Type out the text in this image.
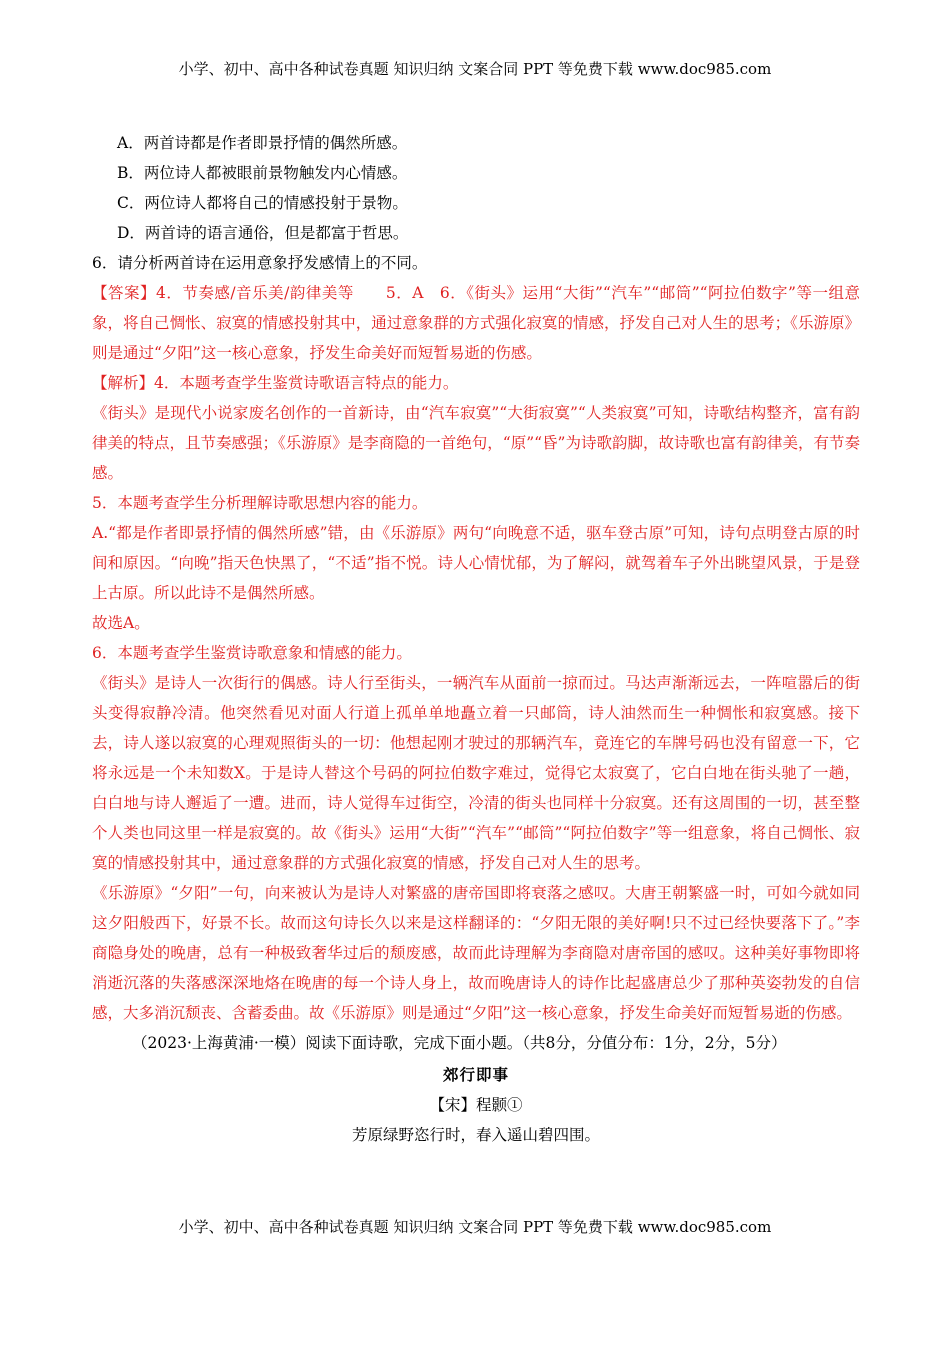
小学、初中、高中各种试卷真题 知识归纳 文案合同 PPT 等免费下载 www.doc985.com
A．两首诗都是作者即景抒情的偶然所感。
B．两位诗人都被眼前景物触发内心情感。
C．两位诗人都将自己的情感投射于景物。
D．两首诗的语言通俗，但是都富于哲思。
6．请分析两首诗在运用意象抒发感情上的不同。
【答案】4．节奏感/音乐美/韵律美等　　5．A　6．《街头》运用“大街”“汽车”“邮筒”“阿拉伯数字”等一组意象，将自己惆怅、寂寞的情感投射其中，通过意象群的方式强化寂寞的情感，抒发自己对人生的思考；《乐游原》则是通过“夕阳”这一核心意象，抒发生命美好而短暂易逝的伤感。
【解析】4．本题考查学生鉴赏诗歌语言特点的能力。
《街头》是现代小说家废名创作的一首新诗，由“汽车寂寞”“大街寂寞”“人类寂寞”可知，诗歌结构整齐，富有韵律美的特点，且节奏感强；《乐游原》是李商隐的一首绝句，“原”“昏”为诗歌韵脚，故诗歌也富有韵律美，有节奏感。
5．本题考查学生分析理解诗歌思想内容的能力。
A.“都是作者即景抒情的偶然所感”错，由《乐游原》两句“向晚意不适，驱车登古原”可知，诗句点明登古原的时间和原因。“向晚”指天色快黑了，“不适”指不悦。诗人心情忧郁，为了解闷，就驾着车子外出眺望风景，于是登上古原。所以此诗不是偶然所感。
故选A。
6．本题考查学生鉴赏诗歌意象和情感的能力。
《街头》是诗人一次街行的偶感。诗人行至街头，一辆汽车从面前一掠而过。马达声渐渐远去，一阵喧嚣后的街头变得寂静冷清。他突然看见对面人行道上孤单单地矗立着一只邮筒，诗人油然而生一种惆怅和寂寞感。接下去，诗人遂以寂寞的心理观照街头的一切：他想起刚才驶过的那辆汽车，竟连它的车牌号码也没有留意一下，它将永远是一个未知数X。于是诗人替这个号码的阿拉伯数字难过，觉得它太寂寞了，它白白地在街头驰了一趟，白白地与诗人邂逅了一遭。进而，诗人觉得车过街空，冷清的街头也同样十分寂寞。还有这周围的一切，甚至整个人类也同这里一样是寂寞的。故《街头》运用“大街”“汽车”“邮筒”“阿拉伯数字”等一组意象，将自己惆怅、寂寞的情感投射其中，通过意象群的方式强化寂寞的情感，抒发自己对人生的思考。
《乐游原》“夕阳”一句，向来被认为是诗人对繁盛的唐帝国即将衰落之感叹。大唐王朝繁盛一时，可如今就如同这夕阳般西下，好景不长。故而这句诗长久以来是这样翻译的：“夕阳无限的美好啊!只不过已经快要落下了。”李商隐身处的晚唐，总有一种极致奢华过后的颓废感，故而此诗理解为李商隐对唐帝国的感叹。这种美好事物即将消逝沉落的失落感深深地烙在晚唐的每一个诗人身上，故而晚唐诗人的诗作比起盛唐总少了那种英姿勃发的自信感，大多消沉颓丧、含蓄委曲。故《乐游原》则是通过“夕阳”这一核心意象，抒发生命美好而短暂易逝的伤感。
（2023·上海黄浦·一模）阅读下面诗歌，完成下面小题。（共8分，分值分布：1分，2分，5分）
郊行即事
【宋】程颢①
芳原绿野恣行时，春入遥山碧四围。
小学、初中、高中各种试卷真题 知识归纳 文案合同 PPT 等免费下载 www.doc985.com
